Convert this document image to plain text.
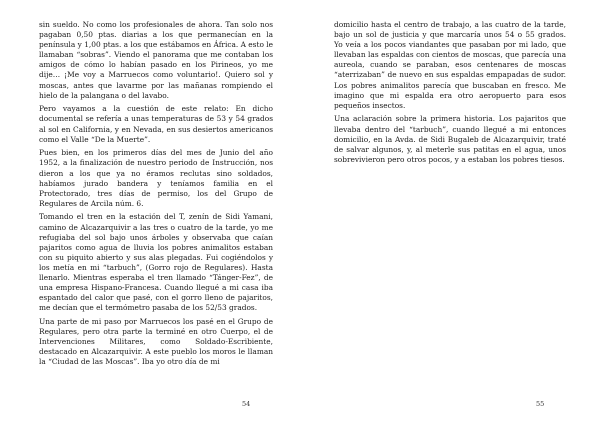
sin sueldo. No como los profesionales de ahora. Tan solo nos pagaban 0,50 ptas. diarias a los que permanecían en la península y 1,00 ptas. a los que estábamos en África. A esto le llamaban “sobras”. Viendo el panorama que me contaban los amigos de cómo lo habían pasado en los Pirineos, yo me dije… ¡Me voy a Marruecos como voluntario!. Quiero sol y moscas, antes que lavarme por las mañanas rompiendo el hielo de la palangana o del lavabo.

Pero vayamos a la cuestión de este relato: En dicho documental se refería a unas temperaturas de 53 y 54 grados al sol en California, y en Nevada, en sus desiertos americanos como el Valle “De la Muerte”.

Pues bien, en los primeros días del mes de Junio del año 1952, a la finalización de nuestro periodo de Instrucción, nos dieron a los que ya no éramos reclutas sino soldados, habíamos jurado bandera y teníamos familia en el Protectorado, tres días de permiso, los del Grupo de Regulares de Arcila núm. 6.

Tomando el tren en la estación del T, zenín de Sidi Yamani, camino de Alcazarquivir a las tres o cuatro de la tarde, yo me refugiaba del sol bajo unos árboles y observaba que caían pajaritos como agua de lluvia los pobres animalitos estaban con su piquito abierto y sus alas plegadas. Fui cogiéndolos y los metía en mi “tarbuch”, (Gorro rojo de Regulares). Hasta llenarlo. Mientras esperaba el tren llamado “Tánger-Fez”, de una empresa Hispano-Francesa. Cuando llegué a mi casa iba espantado del calor que pasé, con el gorro lleno de pajaritos, me decían que el termómetro pasaba de los 52/53 grados.

Una parte de mi paso por Marruecos los pasé en el Grupo de Regulares, pero otra parte la terminé en otro Cuerpo, el de Intervenciones Militares, como Soldado-Escribiente, destacado en Alcazarquivir. A este pueblo los moros le llaman la “Ciudad de las Moscas”. Iba yo otro día de mi

54

domicilio hasta el centro de trabajo, a las cuatro de la tarde, bajo un sol de justicia y que marcaría unos 54 o 55 grados. Yo veía a los pocos viandantes que pasaban por mi lado, que llevaban las espaldas con cientos de moscas, que parecía una aureola, cuando se paraban, esos centenares de moscas “aterrizaban” de nuevo en sus espaldas empapadas de sudor. Los pobres animalitos parecía que buscaban en fresco. Me imagino que mi espalda era otro aeropuerto para esos pequeños insectos.

Una aclaración sobre la primera historia. Los pajaritos que llevaba dentro del “tarbuch”, cuando llegué a mi entonces domicilio, en la Avda. de Sidi Bugaleb de Alcazarquivir, traté de salvar algunos, y, al meterle sus patitas en el agua, unos sobrevivieron pero otros pocos, y a estaban los pobres tiesos.

55
